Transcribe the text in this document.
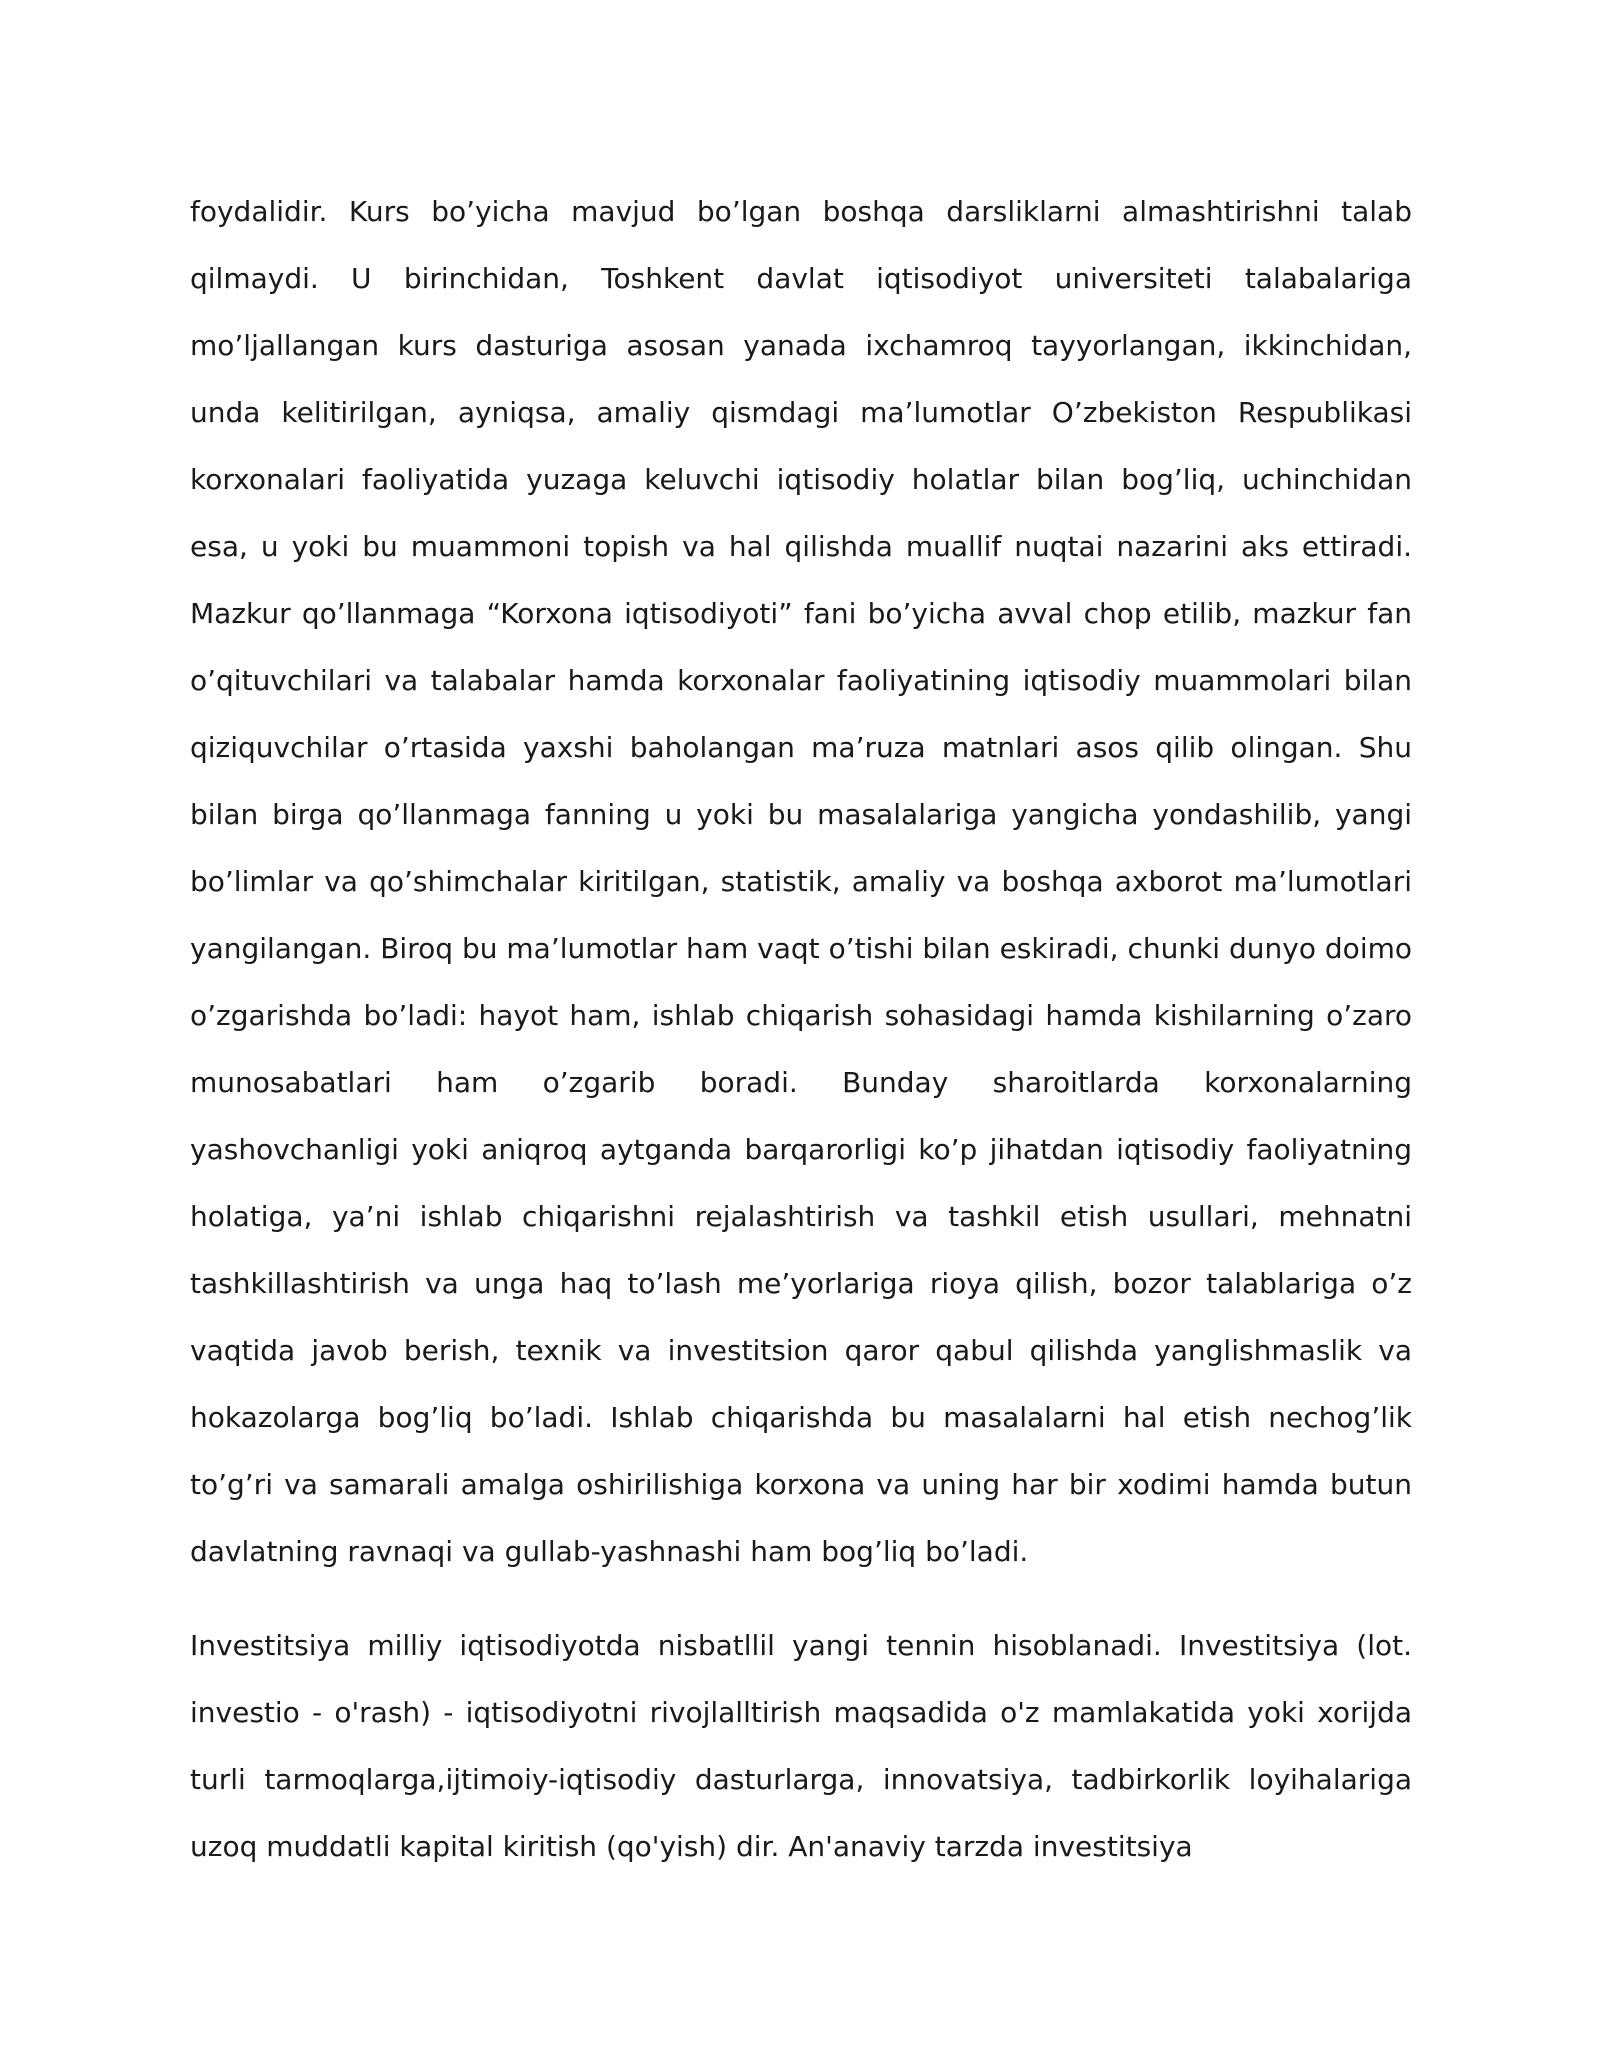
foydalidir. Kurs bo’yicha mavjud bo’lgan boshqa darsliklarni almashtirishni talab qilmaydi. U birinchidan, Toshkent davlat iqtisodiyot universiteti talabalariga mo’ljallangan kurs dasturiga asosan yanada ixchamroq tayyorlangan, ikkinchidan, unda kelitirilgan, ayniqsa, amaliy qismdagi ma’lumotlar O’zbekiston Respublikasi korxonalari faoliyatida yuzaga keluvchi iqtisodiy holatlar bilan bog’liq, uchinchidan esa, u yoki bu muammoni topish va hal qilishda muallif nuqtai nazarini aks ettiradi. Mazkur qo’llanmaga “Korxona iqtisodiyoti” fani bo’yicha avval chop etilib, mazkur fan o’qituvchilari va talabalar hamda korxonalar faoliyatining iqtisodiy muammolari bilan qiziquvchilar o’rtasida yaxshi baholangan ma’ruza matnlari asos qilib olingan. Shu bilan birga qo’llanmaga fanning u yoki bu masalalariga yangicha yondashilib, yangi bo’limlar va qo’shimchalar kiritilgan, statistik, amaliy va boshqa axborot ma’lumotlari yangilangan. Biroq bu ma’lumotlar ham vaqt o’tishi bilan eskiradi, chunki dunyo doimo o’zgarishda bo’ladi: hayot ham, ishlab chiqarish sohasidagi hamda kishilarning o’zaro munosabatlari ham o’zgarib boradi. Bunday sharoitlarda korxonalarning yashovchanligi yoki aniqroq aytganda barqarorligi ko’p jihatdan iqtisodiy faoliyatning holatiga, ya’ni ishlab chiqarishni rejalashtirish va tashkil etish usullari, mehnatni tashkillashtirish va unga haq to’lash me’yorlariga rioya qilish, bozor talablariga o’z vaqtida javob berish, texnik va investitsion qaror qabul qilishda yanglishmaslik va hokazolarga bog’liq bo’ladi. Ishlab chiqarishda bu masalalarni hal etish nechog’lik to’g’ri va samarali amalga oshirilishiga korxona va uning har bir xodimi hamda butun davlatning ravnaqi va gullab-yashnashi ham bog’liq bo’ladi.

Investitsiya milliy iqtisodiyotda nisbatllil yangi tennin hisoblanadi. Investitsiya (lot. investio - o'rash) - iqtisodiyotni rivojlalltirish maqsadida o'z mamlakatida yoki xorijda turli tarmoqlarga,ijtimoiy-iqtisodiy dasturlarga, innovatsiya, tadbirkorlik loyihalariga uzoq muddatli kapital kiritish (qo'yish) dir. An'anaviy tarzda investitsiya
